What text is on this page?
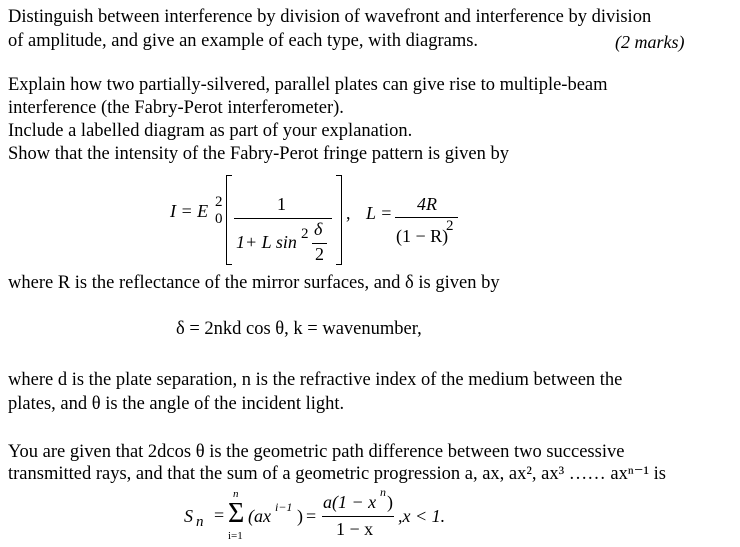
Distinguish between interference by division of wavefront and interference by division
of amplitude, and give an example of each type, with diagrams.	(2 marks)
Explain how two partially-silvered, parallel plates can give rise to multiple-beam
interference (the Fabry-Perot interferometer).
Include a labelled diagram as part of your explanation.
Show that the intensity of the Fabry-Perot fringe pattern is given by
I = E 2
0
1
1+ L sin 2 δ
2
, L = 4R
(1 − R)
2
where R is the reflectance of the mirror surfaces, and δ is given by
δ = 2nkd cos θ, k = wavenumber,
where d is the plate separation, n is the refractive index of the medium between the
plates, and θ is the angle of the incident light.
You are given that 2dcos θ is the geometric path difference between two successive
transmitted rays, and that the sum of a geometric progression a, ax, ax², ax³ …… axⁿ⁻¹ is
S n =
n
Σ
i=1
(ax i−1 ) =
a(1 − x n )
1 − x
,x < 1.
